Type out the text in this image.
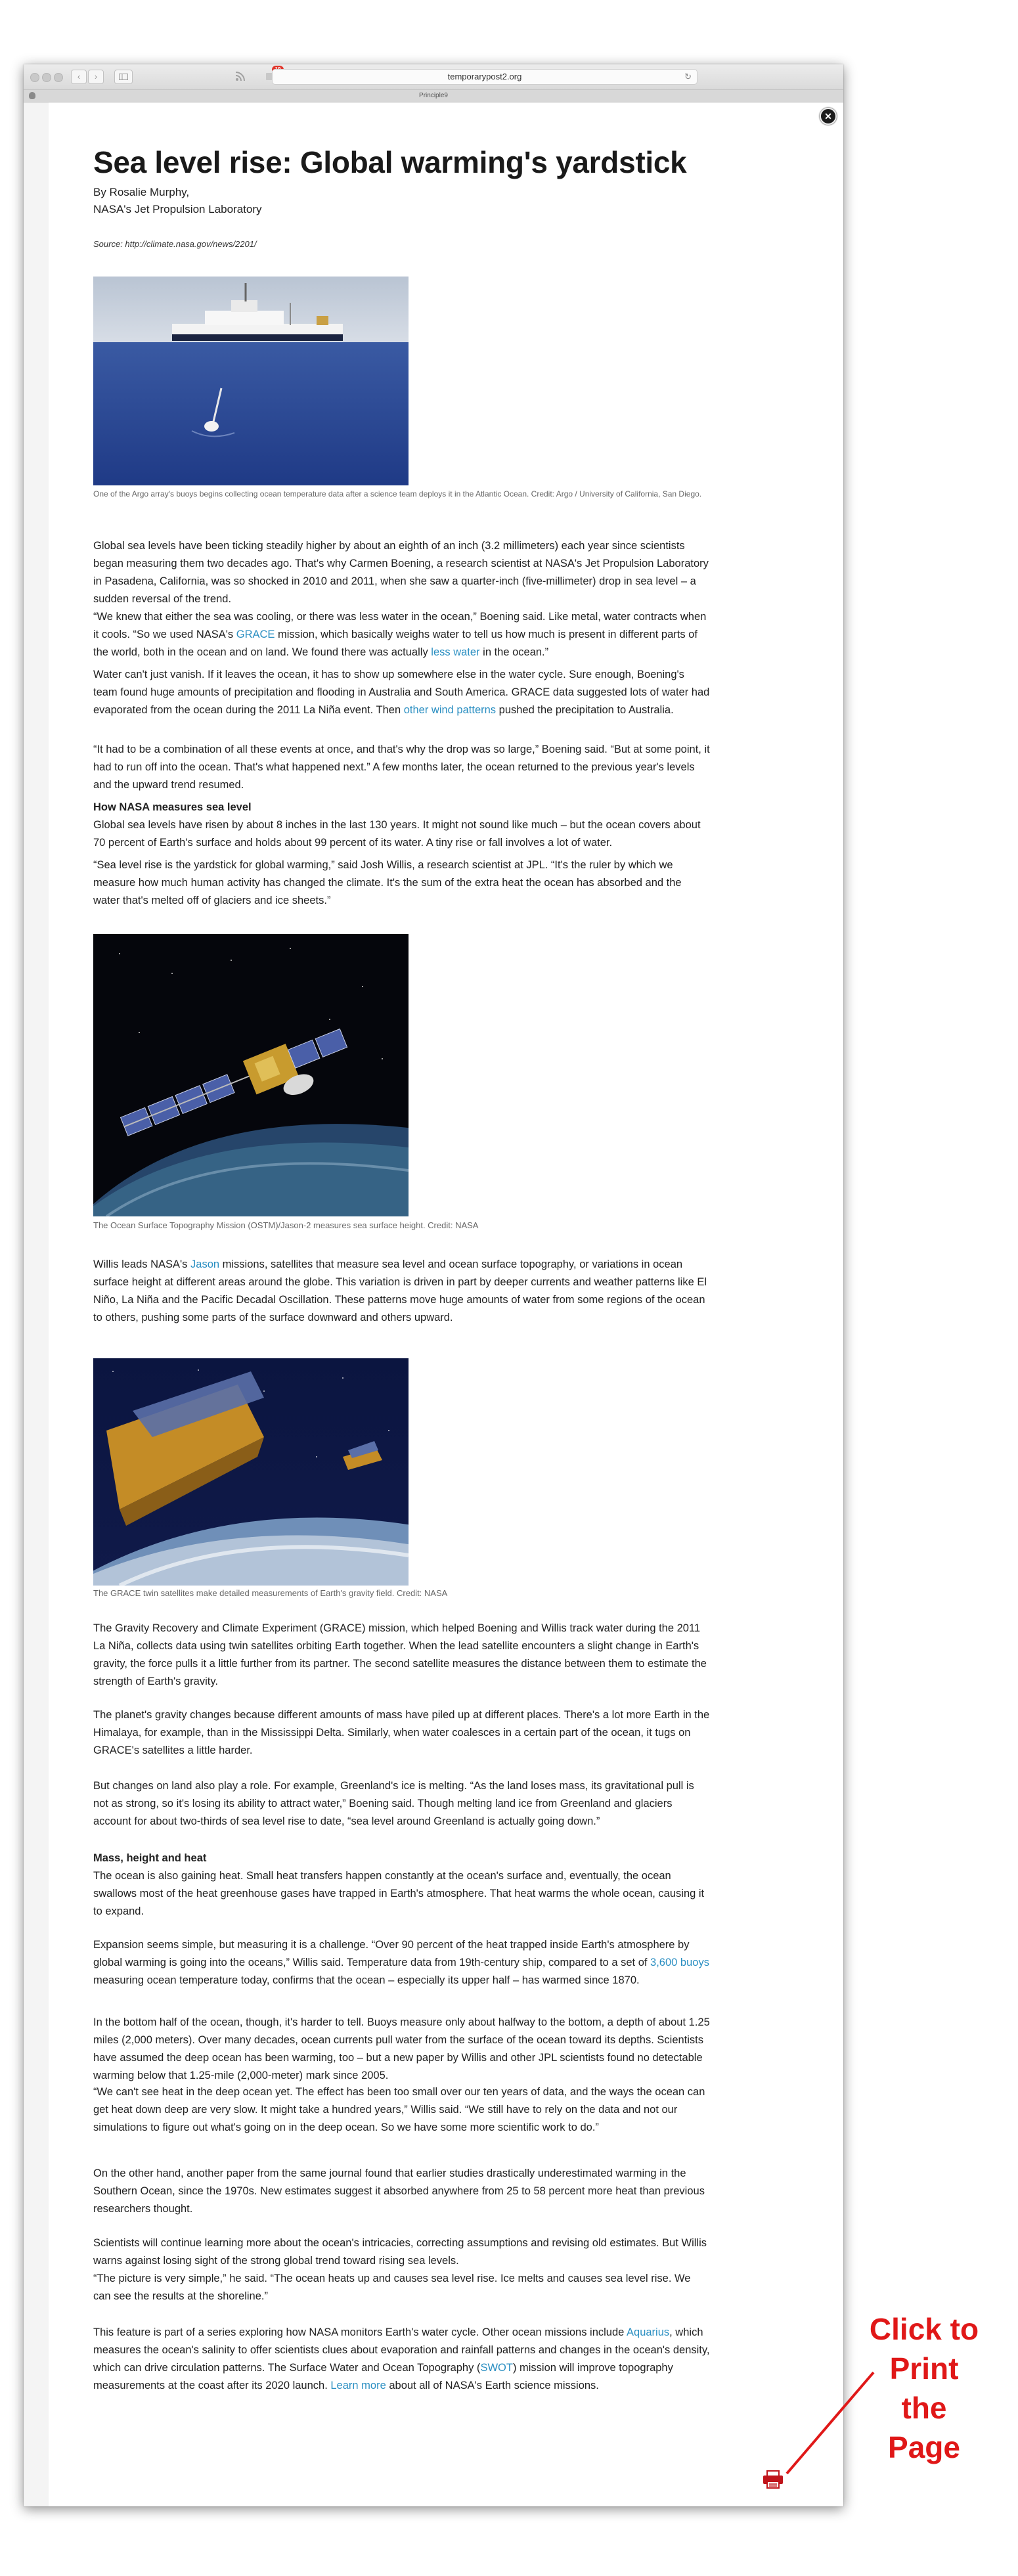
‹	›	temporarypost2.org	↻
Principle9
✕
Sea level rise: Global warming's yardstick
By Rosalie Murphy,
NASA's Jet Propulsion Laboratory
Source: http://climate.nasa.gov/news/2201/
One of the Argo array's buoys begins collecting ocean temperature data after a science team deploys it in the Atlantic Ocean. Credit: Argo / University of California, San Diego.

Global sea levels have been ticking steadily higher by about an eighth of an inch (3.2 millimeters) each year since scientists began measuring them two decades ago. That's why Carmen Boening, a research scientist at NASA's Jet Propulsion Laboratory in Pasadena, California, was so shocked in 2010 and 2011, when she saw a quarter-inch (five-millimeter) drop in sea level – a sudden reversal of the trend.

“We knew that either the sea was cooling, or there was less water in the ocean,” Boening said. Like metal, water contracts when it cools. “So we used NASA's GRACE mission, which basically weighs water to tell us how much is present in different parts of the world, both in the ocean and on land. We found there was actually less water in the ocean.”

Water can't just vanish. If it leaves the ocean, it has to show up somewhere else in the water cycle. Sure enough, Boening's team found huge amounts of precipitation and flooding in Australia and South America. GRACE data suggested lots of water had evaporated from the ocean during the 2011 La Niña event. Then other wind patterns pushed the precipitation to Australia.

“It had to be a combination of all these events at once, and that's why the drop was so large,” Boening said. “But at some point, it had to run off into the ocean. That's what happened next.” A few months later, the ocean returned to the previous year's levels and the upward trend resumed.

How NASA measures sea level
Global sea levels have risen by about 8 inches in the last 130 years. It might not sound like much – but the ocean covers about 70 percent of Earth's surface and holds about 99 percent of its water. A tiny rise or fall involves a lot of water.

“Sea level rise is the yardstick for global warming,” said Josh Willis, a research scientist at JPL. “It's the ruler by which we measure how much human activity has changed the climate. It's the sum of the extra heat the ocean has absorbed and the water that's melted off of glaciers and ice sheets.”

The Ocean Surface Topography Mission (OSTM)/Jason-2 measures sea surface height. Credit: NASA

Willis leads NASA's Jason missions, satellites that measure sea level and ocean surface topography, or variations in ocean surface height at different areas around the globe. This variation is driven in part by deeper currents and weather patterns like El Niño, La Niña and the Pacific Decadal Oscillation. These patterns move huge amounts of water from some regions of the ocean to others, pushing some parts of the surface downward and others upward.

The GRACE twin satellites make detailed measurements of Earth's gravity field. Credit: NASA

The Gravity Recovery and Climate Experiment (GRACE) mission, which helped Boening and Willis track water during the 2011 La Niña, collects data using twin satellites orbiting Earth together. When the lead satellite encounters a slight change in Earth's gravity, the force pulls it a little further from its partner. The second satellite measures the distance between them to estimate the strength of Earth's gravity.

The planet's gravity changes because different amounts of mass have piled up at different places. There's a lot more Earth in the Himalaya, for example, than in the Mississippi Delta. Similarly, when water coalesces in a certain part of the ocean, it tugs on GRACE's satellites a little harder.

But changes on land also play a role. For example, Greenland's ice is melting. “As the land loses mass, its gravitational pull is not as strong, so it's losing its ability to attract water,” Boening said. Though melting land ice from Greenland and glaciers account for about two-thirds of sea level rise to date, “sea level around Greenland is actually going down.”

Mass, height and heat
The ocean is also gaining heat. Small heat transfers happen constantly at the ocean's surface and, eventually, the ocean swallows most of the heat greenhouse gases have trapped in Earth's atmosphere. That heat warms the whole ocean, causing it to expand.

Expansion seems simple, but measuring it is a challenge. “Over 90 percent of the heat trapped inside Earth's atmosphere by global warming is going into the oceans,” Willis said. Temperature data from 19th-century ship, compared to a set of 3,600 buoys measuring ocean temperature today, confirms that the ocean – especially its upper half – has warmed since 1870.

In the bottom half of the ocean, though, it's harder to tell. Buoys measure only about halfway to the bottom, a depth of about 1.25 miles (2,000 meters). Over many decades, ocean currents pull water from the surface of the ocean toward its depths. Scientists have assumed the deep ocean has been warming, too – but a new paper by Willis and other JPL scientists found no detectable warming below that 1.25-mile (2,000-meter) mark since 2005.

“We can't see heat in the deep ocean yet. The effect has been too small over our ten years of data, and the ways the ocean can get heat down deep are very slow. It might take a hundred years,” Willis said. “We still have to rely on the data and not our simulations to figure out what's going on in the deep ocean. So we have some more scientific work to do.”

On the other hand, another paper from the same journal found that earlier studies drastically underestimated warming in the Southern Ocean, since the 1970s. New estimates suggest it absorbed anywhere from 25 to 58 percent more heat than previous researchers thought.

Scientists will continue learning more about the ocean's intricacies, correcting assumptions and revising old estimates. But Willis warns against losing sight of the strong global trend toward rising sea levels.

“The picture is very simple,” he said. “The ocean heats up and causes sea level rise. Ice melts and causes sea level rise. We can see the results at the shoreline.”

This feature is part of a series exploring how NASA monitors Earth's water cycle. Other ocean missions include Aquarius, which measures the ocean's salinity to offer scientists clues about evaporation and rainfall patterns and changes in the ocean's density, which can drive circulation patterns. The Surface Water and Ocean Topography (SWOT) mission will improve topography measurements at the coast after its 2020 launch. Learn more about all of NASA's Earth science missions.

Click to
Print
the Page
